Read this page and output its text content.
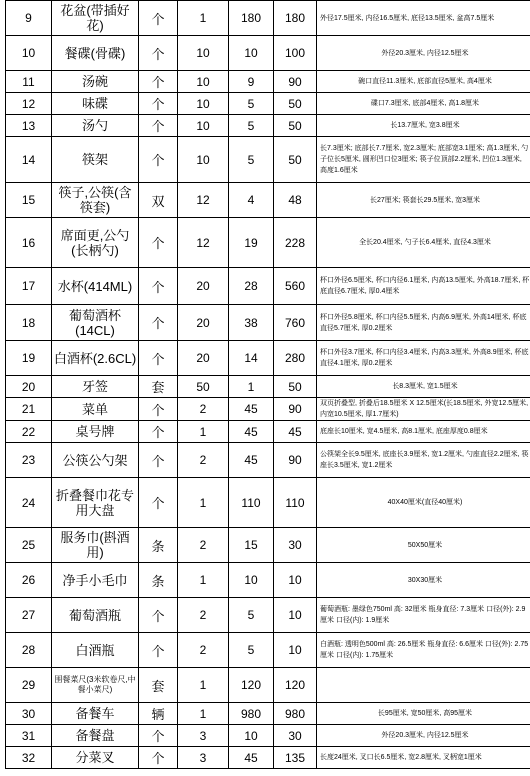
9	花盆(带插好花)	个	1	180	180	外径17.5厘米, 内径16.5厘米, 底径13.5厘米, 盆高7.5厘米
10	餐碟(骨碟)	个	10	10	100	外径20.3厘米, 内径12.5厘米
11	汤碗	个	10	9	90	碗口直径11.3厘米, 底部直径5厘米, 高4厘米
12	味碟	个	10	5	50	碟口7.3厘米, 底部4厘米, 高1.8厘米
13	汤勺	个	10	5	50	长13.7厘米, 宽3.8厘米
14	筷架	个	10	5	50	长7.3厘米; 底部长7.7厘米, 宽2.3厘米; 底部宽3.1厘米; 高1.3厘米, 勺子位长5厘米, 圆形凹口位3厘米; 筷子位顶部2.2厘米, 凹位1.3厘米, 高度1.6厘米
15	筷子,公筷(含筷套)	双	12	4	48	长27厘米; 筷套长29.5厘米, 宽3厘米
16	席面更,公勺(长柄勺)	个	12	19	228	全长20.4厘米, 勺子长6.4厘米, 直径4.3厘米
17	水杯(414ML)	个	20	28	560	杯口外径6.5厘米, 杯口内径6.1厘米, 内高13.5厘米, 外高18.7厘米, 杯底直径6.7厘米, 厚0.4厘米
18	葡萄酒杯(14CL)	个	20	38	760	杯口外径5.8厘米, 杯口内径5.5厘米, 内高6.9厘米, 外高14厘米, 杯底直径5.7厘米, 厚0.2厘米
19	白酒杯(2.6CL)	个	20	14	280	杯口外径3.7厘米, 杯口内径3.4厘米, 内高3.3厘米, 外高8.9厘米, 杯底直径4.1厘米, 厚0.2厘米
20	牙签	套	50	1	50	长8.3厘米, 宽1.5厘米
21	菜单	个	2	45	90	双页折叠型, 折叠后18.5厘米 X 12.5厘米(长18.5厘米, 外宽12.5厘米, 内宽10.5厘米, 厚1.7厘米)
22	桌号牌	个	1	45	45	底座长10厘米, 宽4.5厘米, 高8.1厘米, 底座厚度0.8厘米
23	公筷公勺架	个	2	45	90	公筷架全长9.5厘米, 底座长3.9厘米, 宽1.2厘米, 勺座直径2.2厘米, 筷座长3.5厘米, 宽1.2厘米
24	折叠餐巾花专用大盘	个	1	110	110	40X40厘米(直径40厘米)
25	服务巾(斟酒用)	条	2	15	30	50X50厘米
26	净手小毛巾	条	1	10	10	30X30厘米
27	葡萄酒瓶	个	2	5	10	葡萄酒瓶: 墨绿色750ml 高: 32厘米 瓶身直径: 7.3厘米 口径(外): 2.9厘米 口径(内): 1.9厘米
28	白酒瓶	个	2	5	10	白酒瓶: 透明色500ml 高: 26.5厘米 瓶身直径: 6.6厘米 口径(外): 2.75厘米 口径(内): 1.75厘米
29	围餐菜尺(3米软卷尺,中餐小菜尺)	套	1	120	120	
30	备餐车	辆	1	980	980	长95厘米, 宽50厘米, 高95厘米
31	备餐盘	个	3	10	30	外径20.3厘米, 内径12.5厘米
32	分菜叉	个	3	45	135	长度24厘米, 叉口长6.5厘米, 宽2.8厘米, 叉柄宽1厘米
